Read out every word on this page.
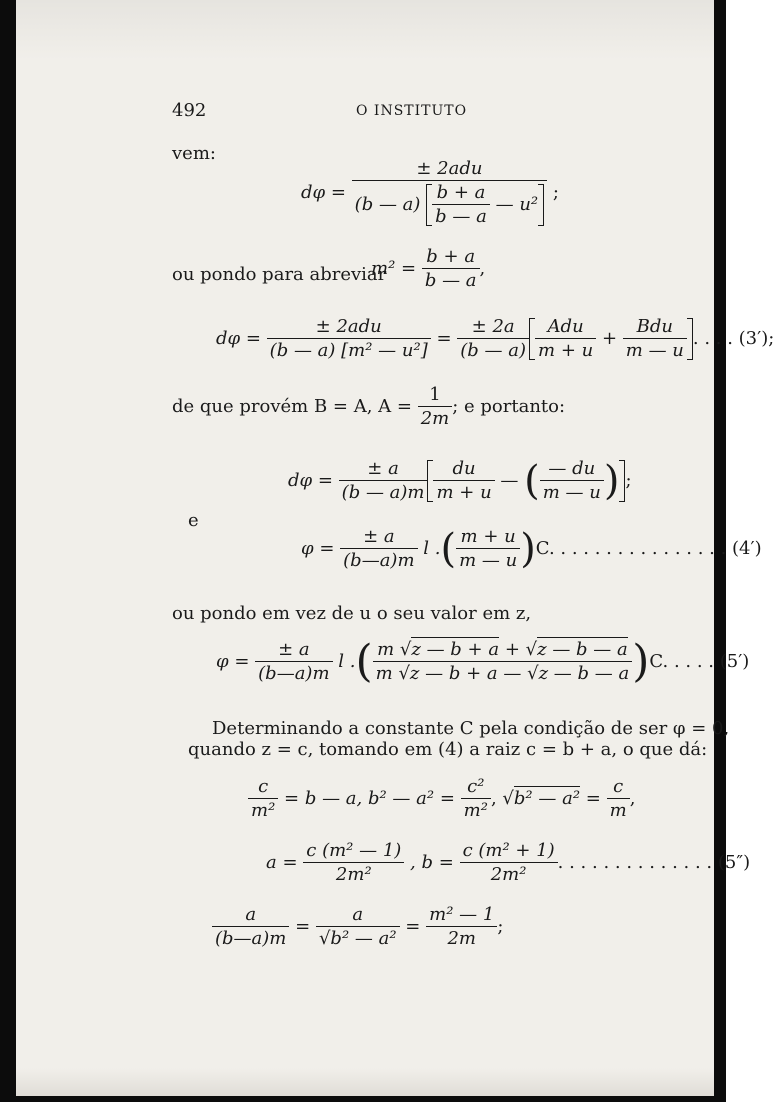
492	O INSTITUTO
vem:
$d\varphi = \frac{\text{± 2adu}}{(b — a) \frac{b + a}{b — a} — u^2}$ ;
ou pondo para abreviar
$m^2 = \frac{b + a}{b — a}$ ,
$d\varphi = \frac{\text{± 2adu}}{\text{(b — a) [m² — u²]}} = \frac{\pm 2a}{(b — a)} \frac{\text{Adu}}{m + u} + \frac{\text{Bdu}}{m — u}$ . . . . (3′);
de que provém B = A, $A = \frac{1}{2m}$ ; e portanto:
$d\varphi = \frac{\pm a}{(b — a)m} \frac{du}{m + u}$ — ( $\frac{— du}{m — u}$ ) ;
e
$\varphi = \frac{\pm a}{(b—a)m}$ l .( $\frac{m + u}{m — u} )C$. . . . . . . . . . . . . . . . (4′)
ou pondo em vez de u o seu valor em z,
$\varphi = \frac{\pm a}{(b—a)m}$ l .( $\frac{m √z — b + a + √z — b — a}{m √z — b + a — √z — b — a} )C$. . . . . (5′)
Determinando a constante C pela condição de ser φ = 0,
quando z = c, tomando em (4) a raiz c = b + a, o que dá:
$\frac{c}{\text{m²}} = b$ — a, b² — $a^2 = \frac{\text{c²}}{\text{m²}}$ , √b² — $a^2 = \frac{c}{m}$ ,
$a = \frac{\text{c (m² — 1)}}{\text{2m²}}$ , $b = \frac{\text{c (m² + 1)}}{\text{2m²}}$ . . . . . . . . . . . . . . (5″)
$\frac{a}{(b—a)m} = \frac{a}{\text{√b² — a²}} = \frac{\text{m² — 1}}{2m}$ ;
